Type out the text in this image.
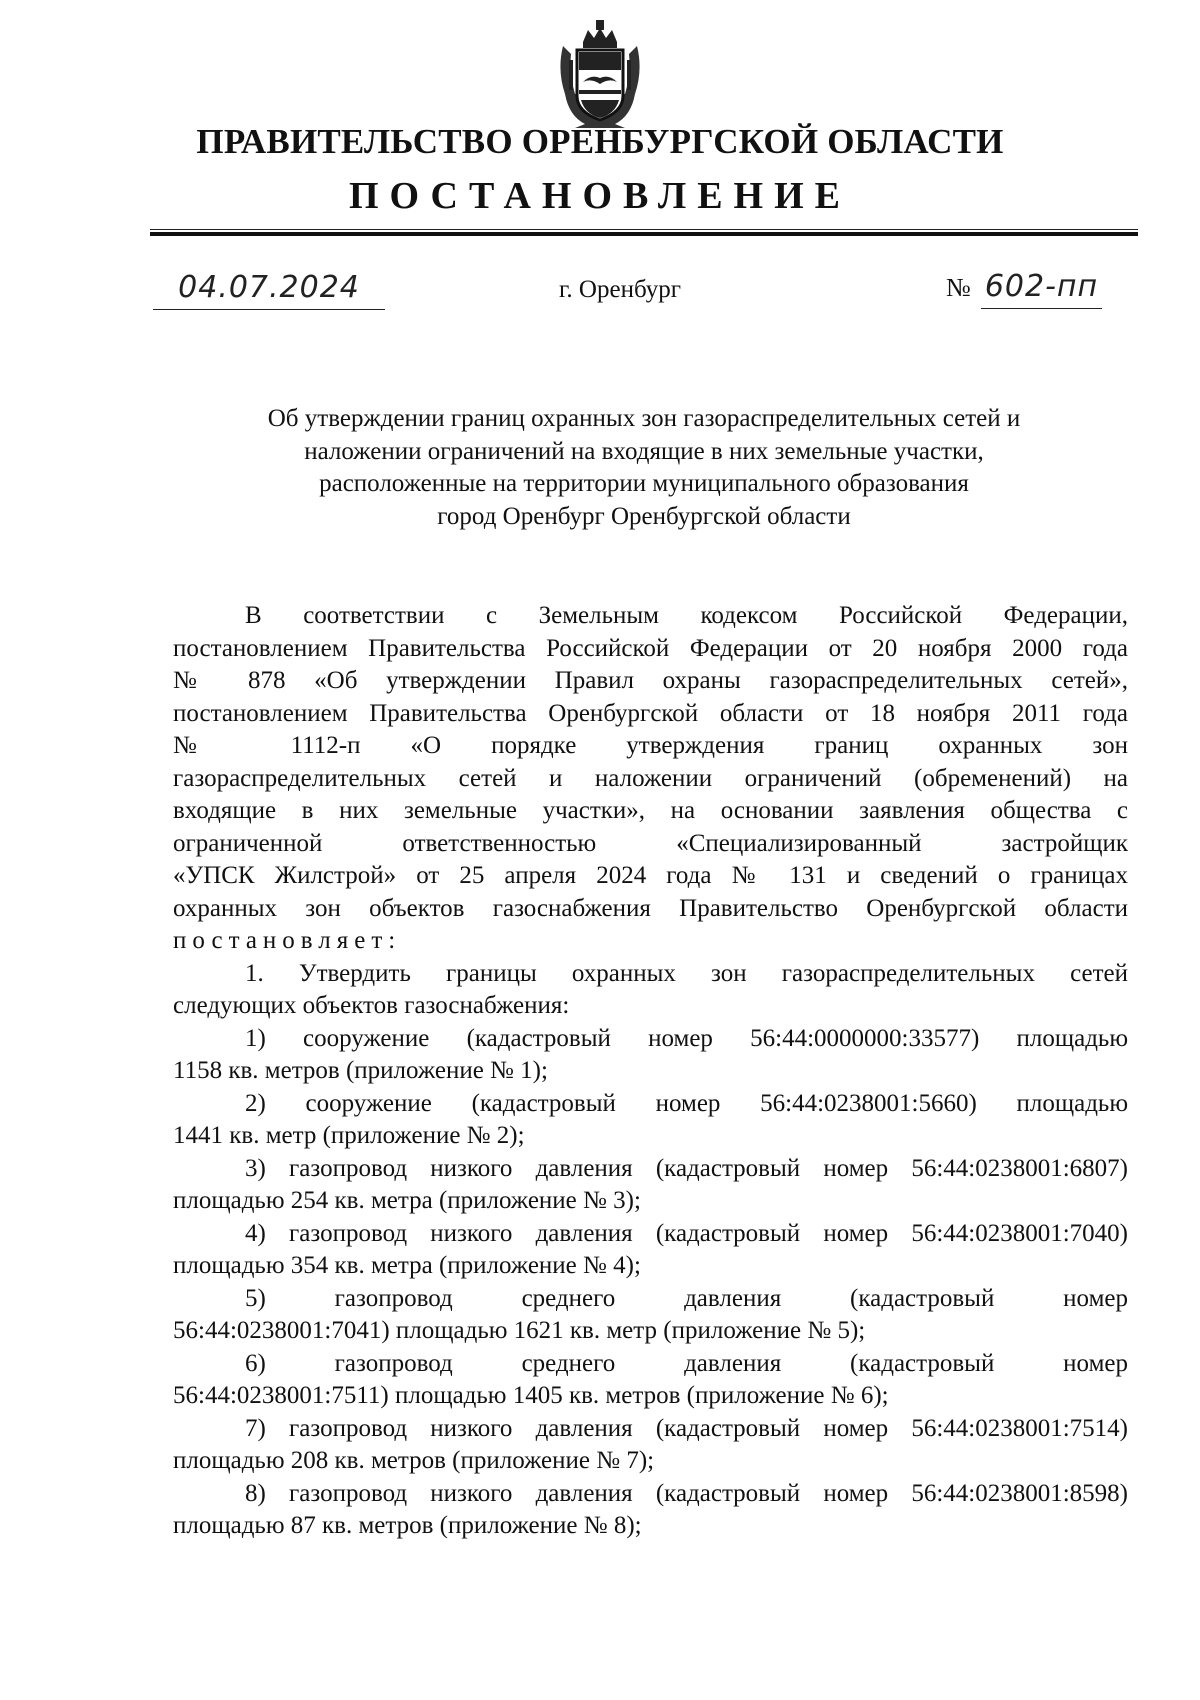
ПРАВИТЕЛЬСТВО ОРЕНБУРГСКОЙ ОБЛАСТИ
ПОСТАНОВЛЕНИЕ
04.07.2024	г. Оренбург	№ 602-пп
Об утверждении границ охранных зон газораспределительных сетей и
наложении ограничений на входящие в них земельные участки,
расположенные на территории муниципального образования
город Оренбург Оренбургской области
В соответствии с Земельным кодексом Российской Федерации,
постановлением Правительства Российской Федерации от 20 ноября 2000 года
№ 878 «Об утверждении Правил охраны газораспределительных сетей»,
постановлением Правительства Оренбургской области от 18 ноября 2011 года
№ 1112-п «О порядке утверждения границ охранных зон
газораспределительных сетей и наложении ограничений (обременений) на
входящие в них земельные участки», на основании заявления общества с
ограниченной ответственностью «Специализированный застройщик
«УПСК Жилстрой» от 25 апреля 2024 года № 131 и сведений о границах
охранных зон объектов газоснабжения Правительство Оренбургской области
постановляет:
1. Утвердить границы охранных зон газораспределительных сетей
следующих объектов газоснабжения:
1) сооружение (кадастровый номер 56:44:0000000:33577) площадью
1158 кв. метров (приложение № 1);
2) сооружение (кадастровый номер 56:44:0238001:5660) площадью
1441 кв. метр (приложение № 2);
3) газопровод низкого давления (кадастровый номер 56:44:0238001:6807)
площадью 254 кв. метра (приложение № 3);
4) газопровод низкого давления (кадастровый номер 56:44:0238001:7040)
площадью 354 кв. метра (приложение № 4);
5) газопровод среднего давления (кадастровый номер
56:44:0238001:7041) площадью 1621 кв. метр (приложение № 5);
6) газопровод среднего давления (кадастровый номер
56:44:0238001:7511) площадью 1405 кв. метров (приложение № 6);
7) газопровод низкого давления (кадастровый номер 56:44:0238001:7514)
площадью 208 кв. метров (приложение № 7);
8) газопровод низкого давления (кадастровый номер 56:44:0238001:8598)
площадью 87 кв. метров (приложение № 8);
